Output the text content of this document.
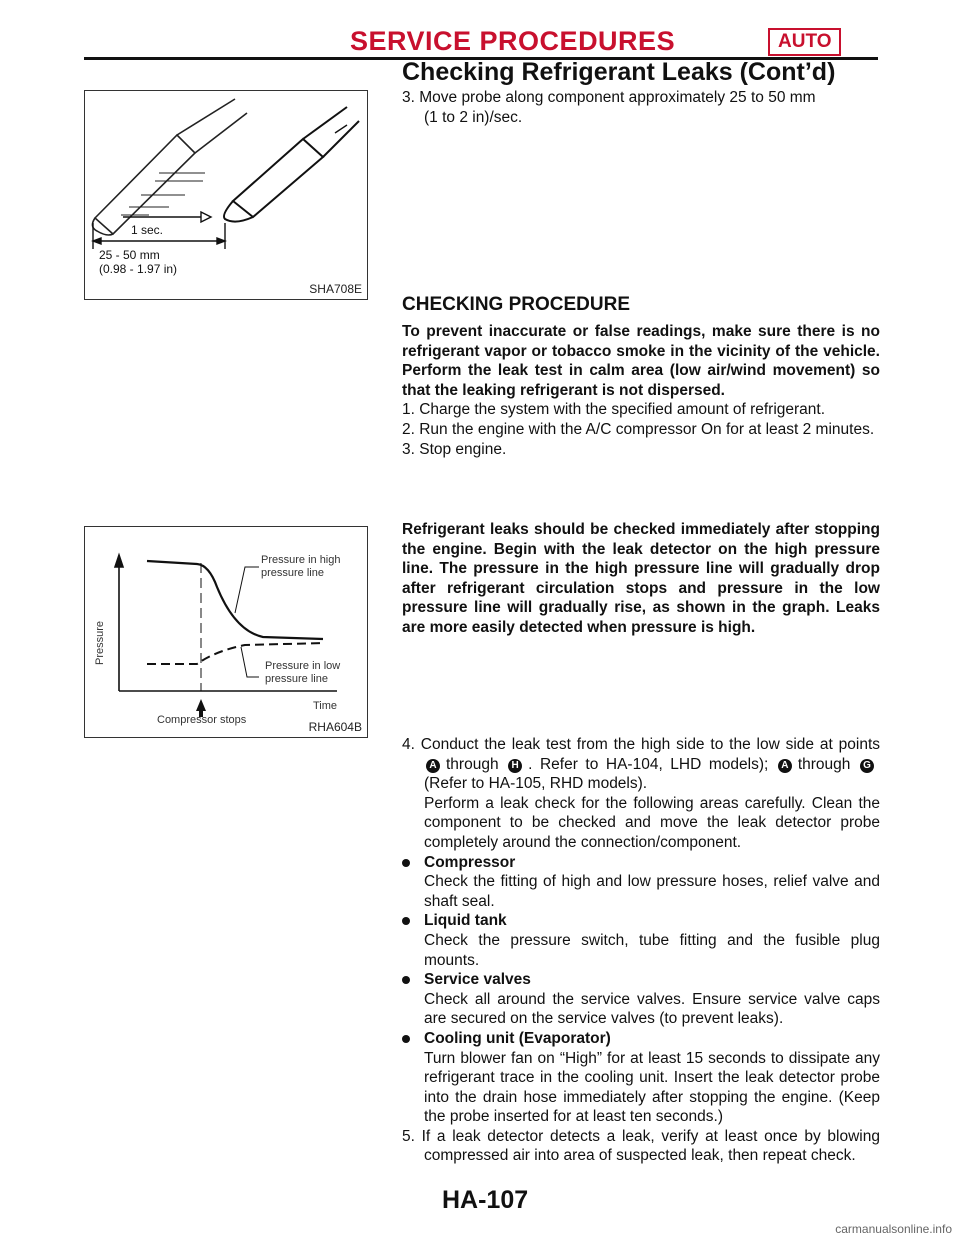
SERVICE PROCEDURES	AUTO
Checking Refrigerant Leaks (Cont’d)
1 sec.
25 - 50 mm
(0.98 - 1.97 in)
SHA708E
Pressure in high
pressure line
Pressure in low
pressure line
Pressure
Time
Compressor stops	RHA604B

3. Move probe along component approximately 25 to 50 mm

(1 to 2 in)/sec.

CHECKING PROCEDURE

To prevent inaccurate or false readings, make sure there is no refrigerant vapor or tobacco smoke in the vicinity of the vehicle. Perform the leak test in calm area (low air/wind movement) so that the leaking refrigerant is not dispersed.

1. Charge the system with the specified amount of refrigerant.

2. Run the engine with the A/C compressor On for at least 2 minutes.

3. Stop engine.

Refrigerant leaks should be checked immediately after stopping the engine. Begin with the leak detector on the high pressure line. The pressure in the high pressure line will gradually drop after refrigerant circulation stops and pressure in the low pressure line will gradually rise, as shown in the graph. Leaks are more easily detected when pressure is high.

4. Conduct the leak test from the high side to the low side at points A through H . Refer to HA-104, LHD models); A through G(Refer to HA-105, RHD models).

Perform a leak check for the following areas carefully. Clean the component to be checked and move the leak detector probe completely around the connection/component.

Compressor

Check the fitting of high and low pressure hoses, relief valve and shaft seal.

Liquid tank

Check the pressure switch, tube fitting and the fusible plug mounts.

Service valves

Check all around the service valves. Ensure service valve caps are secured on the service valves (to prevent leaks).

Cooling unit (Evaporator)

Turn blower fan on “High” for at least 15 seconds to dissipate any refrigerant trace in the cooling unit. Insert the leak detector probe into the drain hose immediately after stopping the engine. (Keep the probe inserted for at least ten seconds.)

5. If a leak detector detects a leak, verify at least once by blowing compressed air into area of suspected leak, then repeat check.

HA-107
carmanualsonline.info
